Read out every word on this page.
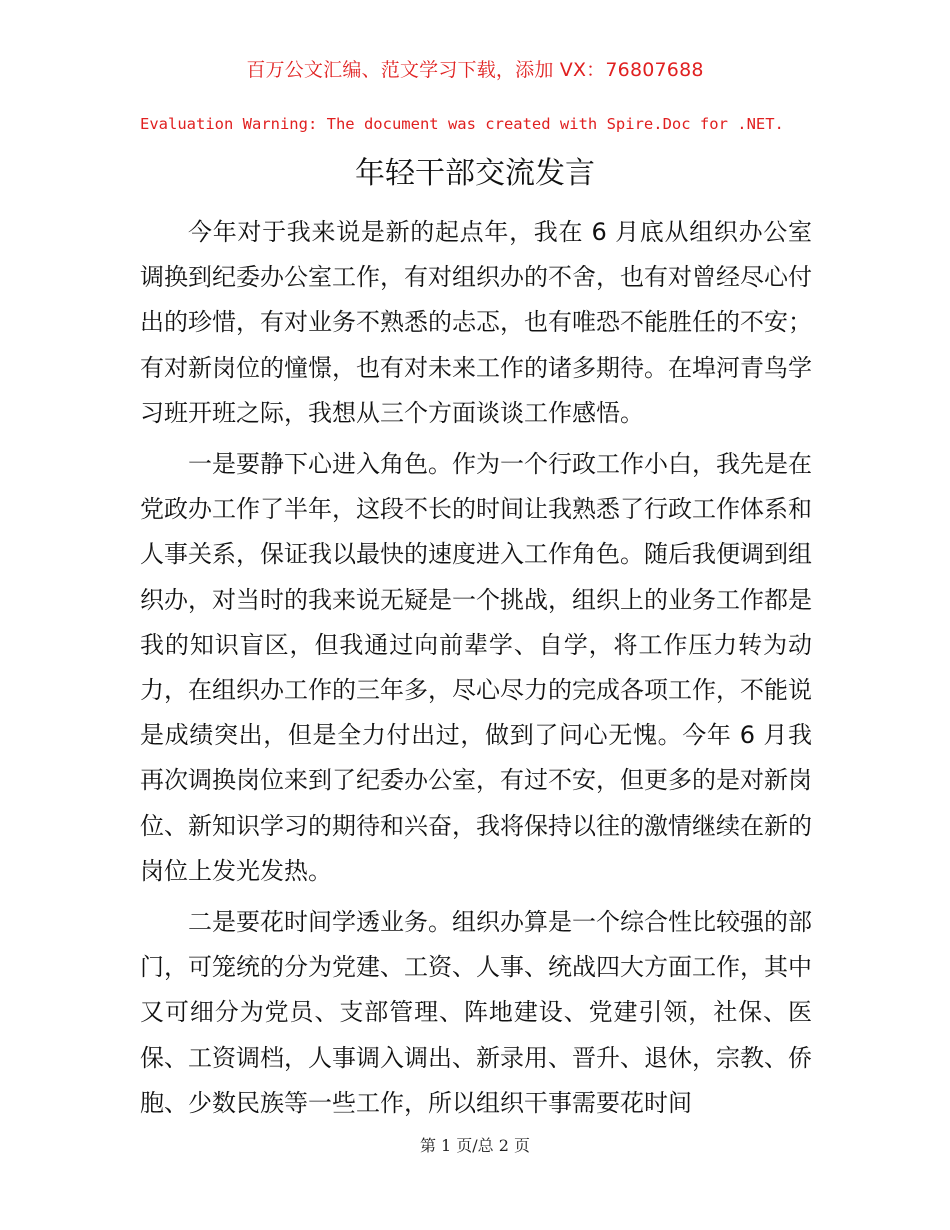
百万公文汇编、范文学习下载，添加 VX：76807688
Evaluation Warning: The document was created with Spire.Doc for .NET.
年轻干部交流发言

今年对于我来说是新的起点年，我在 6 月底从组织办公室调换到纪委办公室工作，有对组织办的不舍，也有对曾经尽心付出的珍惜，有对业务不熟悉的忐忑，也有唯恐不能胜任的不安；有对新岗位的憧憬，也有对未来工作的诸多期待。在埠河青鸟学习班开班之际，我想从三个方面谈谈工作感悟。

一是要静下心进入角色。作为一个行政工作小白，我先是在党政办工作了半年，这段不长的时间让我熟悉了行政工作体系和人事关系，保证我以最快的速度进入工作角色。随后我便调到组织办，对当时的我来说无疑是一个挑战，组织上的业务工作都是我的知识盲区，但我通过向前辈学、自学，将工作压力转为动力，在组织办工作的三年多，尽心尽力的完成各项工作，不能说是成绩突出，但是全力付出过，做到了问心无愧。今年 6 月我再次调换岗位来到了纪委办公室，有过不安，但更多的是对新岗位、新知识学习的期待和兴奋，我将保持以往的激情继续在新的岗位上发光发热。

二是要花时间学透业务。组织办算是一个综合性比较强的部门，可笼统的分为党建、工资、人事、统战四大方面工作，其中又可细分为党员、支部管理、阵地建设、党建引领，社保、医保、工资调档，人事调入调出、新录用、晋升、退休，宗教、侨胞、少数民族等一些工作，所以组织干事需要花时间

第 1 页/总 2 页
